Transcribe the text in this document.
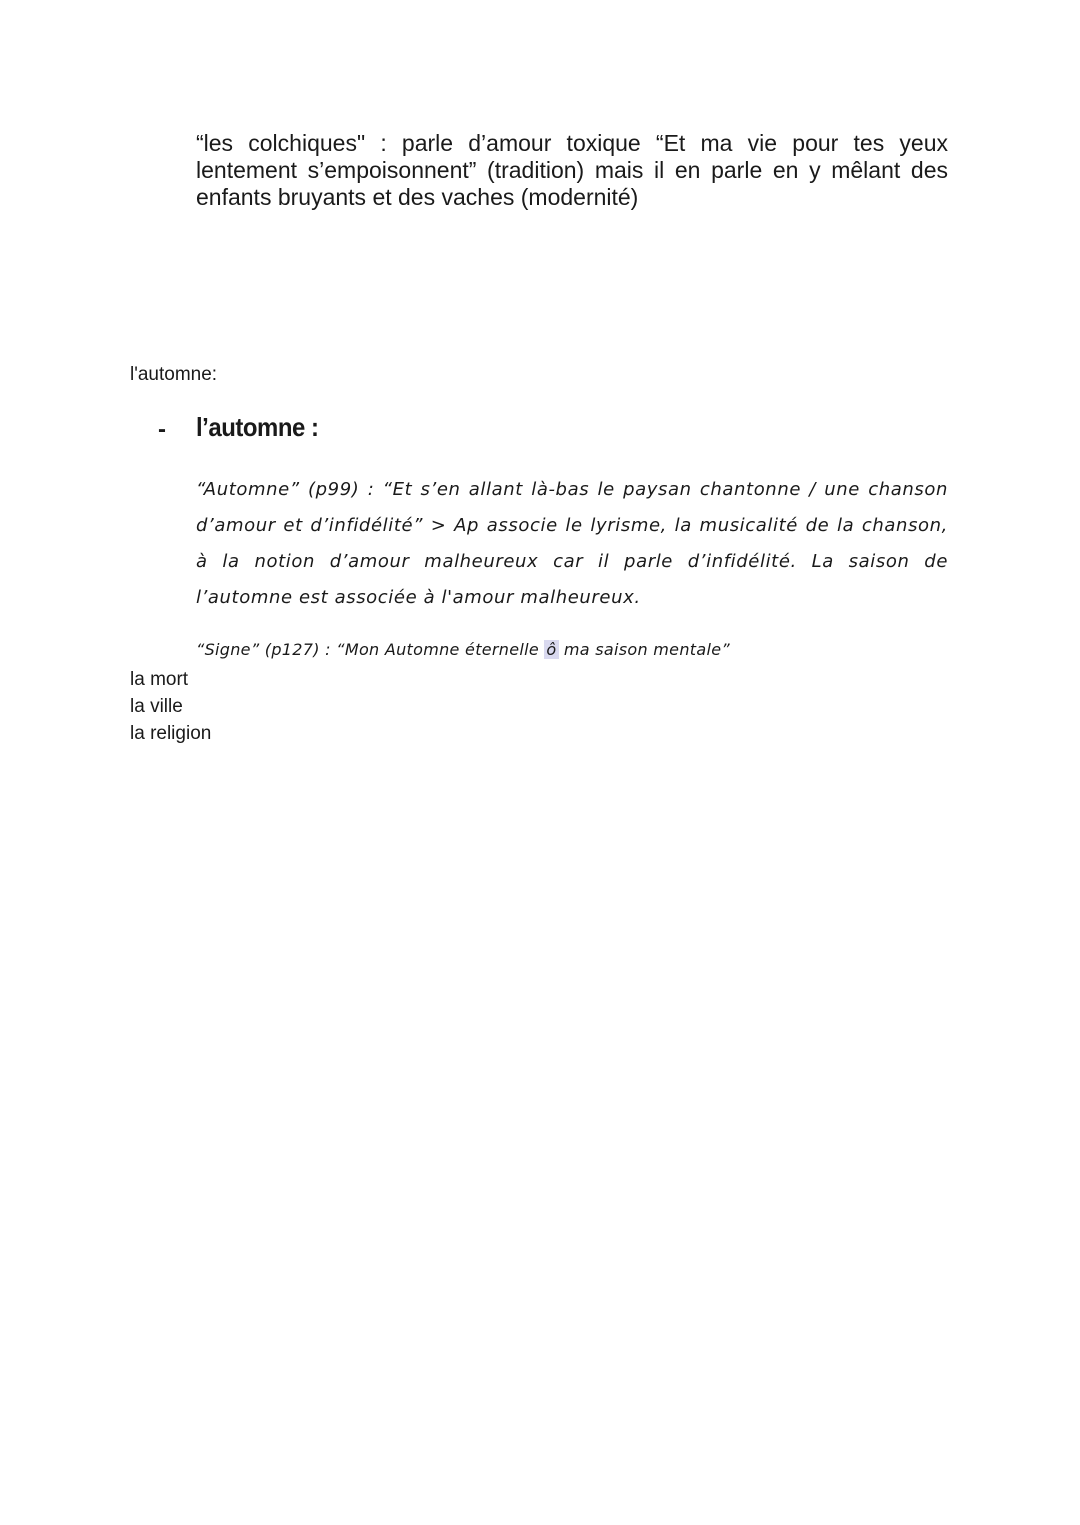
“les colchiques" : parle d’amour toxique “Et ma vie pour tes yeux lentement s’empoisonnent” (tradition) mais il en parle en y mêlant des enfants bruyants et des vaches (modernité)

l'automne:

- l’automne :

“Automne” (p99) : “Et s’en allant là-bas le paysan chantonne / une chanson d’amour et d’infidélité” > Ap associe le lyrisme, la musicalité de la chanson, à la notion d’amour malheureux car il parle d’infidélité. La saison de l’automne est associée à l'amour malheureux.

“Signe” (p127) : “Mon Automne éternelle ô ma saison mentale”

la mort
la ville
la religion
